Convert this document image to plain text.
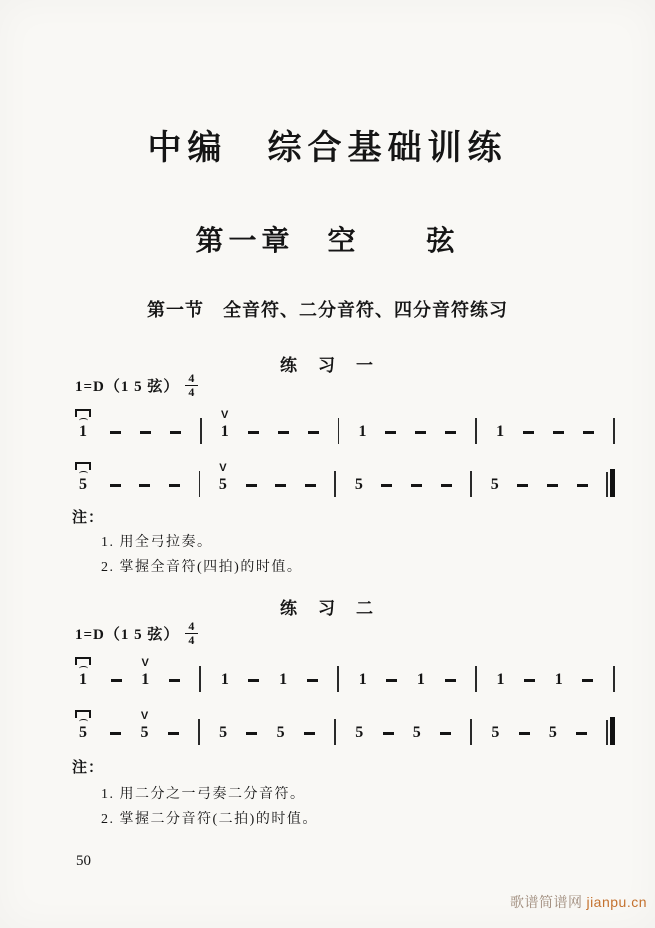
中编　综合基础训练
第一章　空　　弦
第一节　全音符、二分音符、四分音符练习
练　习　一
1=D（1 5 弦）
4
4
1
V
1	1	1
5
V
5	5	5
注：
1. 用全弓拉奏。
2. 掌握全音符(四拍)的时值。
练　习　二
1=D（1 5 弦）
4
4
1
V
1	1	1	1	1	1	1
5
V
5	5	5	5	5	5	5
注：
1. 用二分之一弓奏二分音符。
2. 掌握二分音符(二拍)的时值。
50
歌谱简谱网 jianpu.cn
